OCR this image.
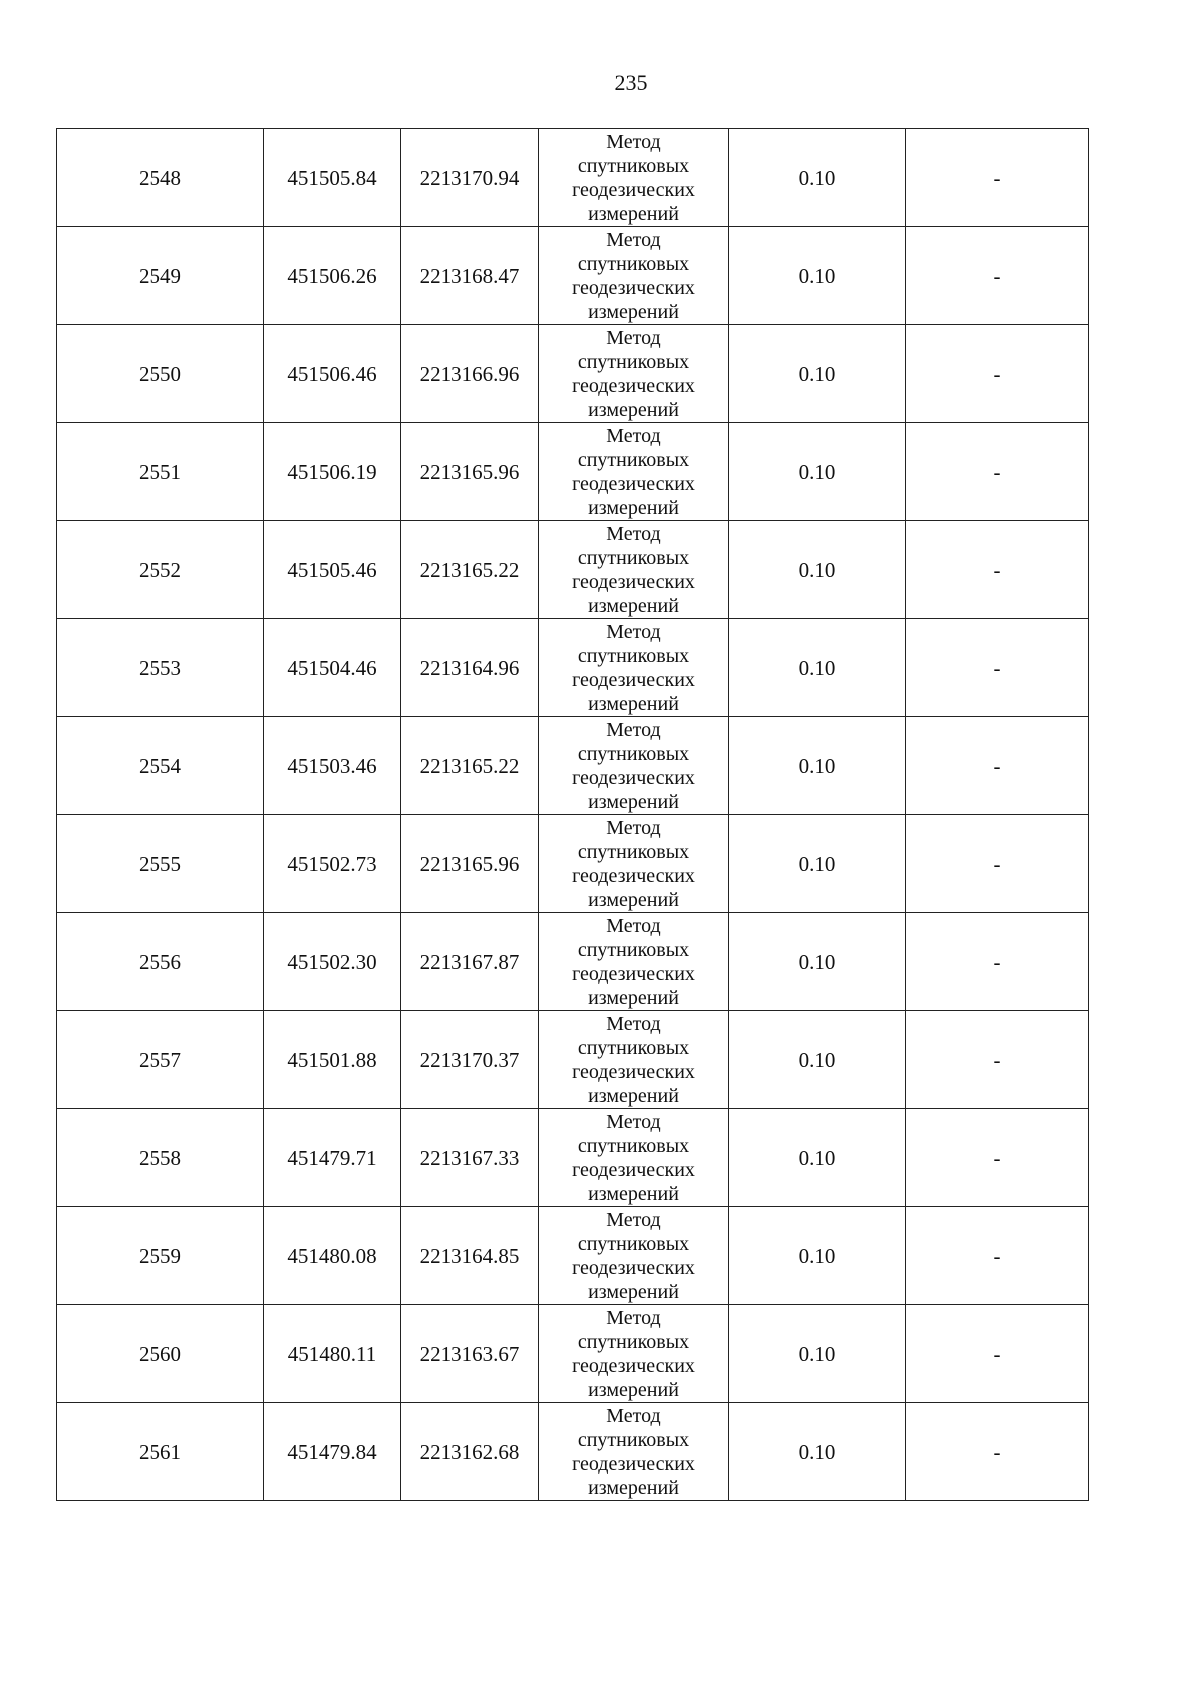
235
2548	451505.84	2213170.94	Метод
спутниковых
геодезических
измерений	0.10	-
2549	451506.26	2213168.47	Метод
спутниковых
геодезических
измерений	0.10	-
2550	451506.46	2213166.96	Метод
спутниковых
геодезических
измерений	0.10	-
2551	451506.19	2213165.96	Метод
спутниковых
геодезических
измерений	0.10	-
2552	451505.46	2213165.22	Метод
спутниковых
геодезических
измерений	0.10	-
2553	451504.46	2213164.96	Метод
спутниковых
геодезических
измерений	0.10	-
2554	451503.46	2213165.22	Метод
спутниковых
геодезических
измерений	0.10	-
2555	451502.73	2213165.96	Метод
спутниковых
геодезических
измерений	0.10	-
2556	451502.30	2213167.87	Метод
спутниковых
геодезических
измерений	0.10	-
2557	451501.88	2213170.37	Метод
спутниковых
геодезических
измерений	0.10	-
2558	451479.71	2213167.33	Метод
спутниковых
геодезических
измерений	0.10	-
2559	451480.08	2213164.85	Метод
спутниковых
геодезических
измерений	0.10	-
2560	451480.11	2213163.67	Метод
спутниковых
геодезических
измерений	0.10	-
2561	451479.84	2213162.68	Метод
спутниковых
геодезических
измерений	0.10	-
